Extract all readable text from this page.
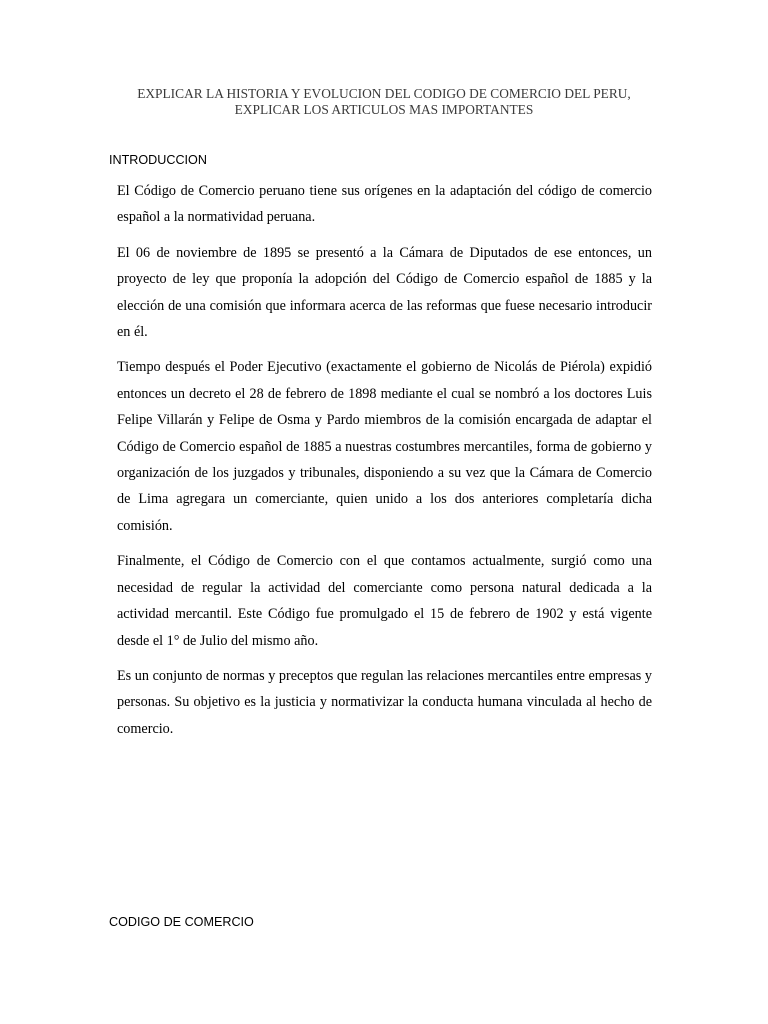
EXPLICAR LA HISTORIA Y EVOLUCION DEL CODIGO DE COMERCIO DEL PERU,
EXPLICAR LOS ARTICULOS MAS IMPORTANTES
INTRODUCCION

El Código de Comercio peruano tiene sus orígenes en la adaptación del código de comercio español a la normatividad peruana.

El 06 de noviembre de 1895 se presentó a la Cámara de Diputados de ese entonces, un proyecto de ley que proponía la adopción del Código de Comercio español de 1885 y la elección de una comisión que informara acerca de las reformas que fuese necesario introducir en él.

Tiempo después el Poder Ejecutivo (exactamente el gobierno de Nicolás de Piérola) expidió entonces un decreto el 28 de febrero de 1898 mediante el cual se nombró a los doctores Luis Felipe Villarán y Felipe de Osma y Pardo miembros de la comisión encargada de adaptar el Código de Comercio español de 1885 a nuestras costumbres mercantiles, forma de gobierno y organización de los juzgados y tribunales, disponiendo a su vez que la Cámara de Comercio de Lima agregara un comerciante, quien unido a los dos anteriores completaría dicha comisión.

Finalmente, el Código de Comercio con el que contamos actualmente, surgió como una necesidad de regular la actividad del comerciante como persona natural dedicada a la actividad mercantil. Este Código fue promulgado el 15 de febrero de 1902 y está vigente desde el 1° de Julio del mismo año.

Es un conjunto de normas y preceptos que regulan las relaciones mercantiles entre empresas y personas. Su objetivo es la justicia y normativizar la conducta humana vinculada al hecho de comercio.

CODIGO DE COMERCIO
